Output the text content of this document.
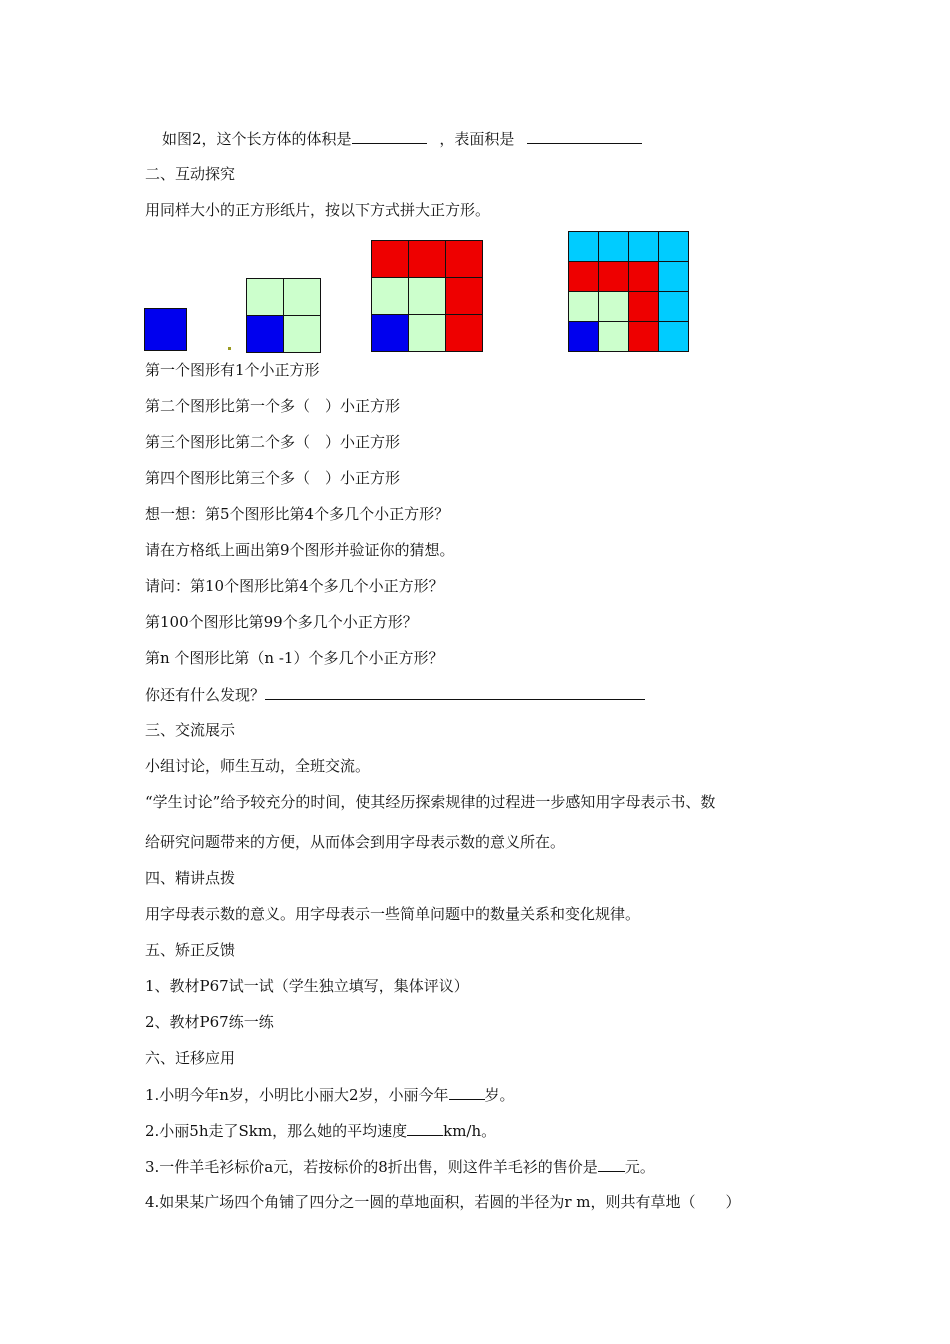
如图2，这个长方体的体积是	，表面积是
二、互动探究
用同样大小的正方形纸片，按以下方式拼大正方形。
第一个图形有1个小正方形
第二个图形比第一个多（　）小正方形
第三个图形比第二个多（　）小正方形
第四个图形比第三个多（　）小正方形
想一想：第5个图形比第4个多几个小正方形？
请在方格纸上画出第9个图形并验证你的猜想。
请问：第10个图形比第4个多几个小正方形？
第100个图形比第99个多几个小正方形？
第n 个图形比第（n -1）个多几个小正方形？
你还有什么发现？
三、交流展示
小组讨论，师生互动，全班交流。
“学生讨论”给予较充分的时间，使其经历探索规律的过程进一步感知用字母表示书、数
给研究问题带来的方便，从而体会到用字母表示数的意义所在。
四、精讲点拨
用字母表示数的意义。用字母表示一些简单问题中的数量关系和变化规律。
五、矫正反馈
1、教材P67试一试（学生独立填写，集体评议）
2、教材P67练一练
六、迁移应用
1.小明今年n岁，小明比小丽大2岁，小丽今年 岁。
2.小丽5h走了Skm，那么她的平均速度 km/h。
3.一件羊毛衫标价a元，若按标价的8折出售，则这件羊毛衫的售价是 元。
4.如果某广场四个角铺了四分之一圆的草地面积，若圆的半径为r m，则共有草地（　　）
